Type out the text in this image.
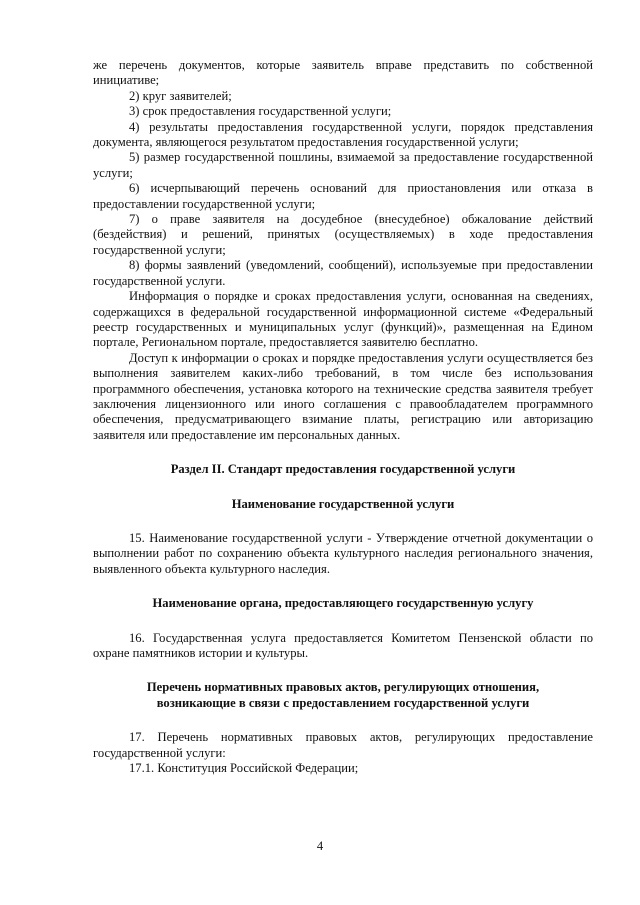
же перечень документов, которые заявитель вправе представить по собственной инициативе;

2) круг заявителей;

3) срок предоставления государственной услуги;

4) результаты предоставления государственной услуги, порядок представления документа, являющегося результатом предоставления государственной услуги;

5) размер государственной пошлины, взимаемой за предоставление государственной услуги;

6) исчерпывающий перечень оснований для приостановления или отказа в предоставлении государственной услуги;

7) о праве заявителя на досудебное (внесудебное) обжалование действий (бездействия) и решений, принятых (осуществляемых) в ходе предоставления государственной услуги;

8) формы заявлений (уведомлений, сообщений), используемые при предоставлении государственной услуги.

Информация о порядке и сроках предоставления услуги, основанная на сведениях, содержащихся в федеральной государственной информационной системе «Федеральный реестр государственных и муниципальных услуг (функций)», размещенная на Едином портале, Региональном портале, предоставляется заявителю бесплатно.

Доступ к информации о сроках и порядке предоставления услуги осуществляется без выполнения заявителем каких-либо требований, в том числе без использования программного обеспечения, установка которого на технические средства заявителя требует заключения лицензионного или иного соглашения с правообладателем программного обеспечения, предусматривающего взимание платы, регистрацию или авторизацию заявителя или предоставление им персональных данных.

Раздел II. Стандарт предоставления государственной услуги

Наименование государственной услуги

15. Наименование государственной услуги - Утверждение отчетной документации о выполнении работ по сохранению объекта культурного наследия регионального значения, выявленного объекта культурного наследия.

Наименование органа, предоставляющего государственную услугу

16. Государственная услуга предоставляется Комитетом Пензенской области по охране памятников истории и культуры.

Перечень нормативных правовых актов, регулирующих отношения,

возникающие в связи с предоставлением государственной услуги

17. Перечень нормативных правовых актов, регулирующих предоставление государственной услуги:

17.1. Конституция Российской Федерации;

4
